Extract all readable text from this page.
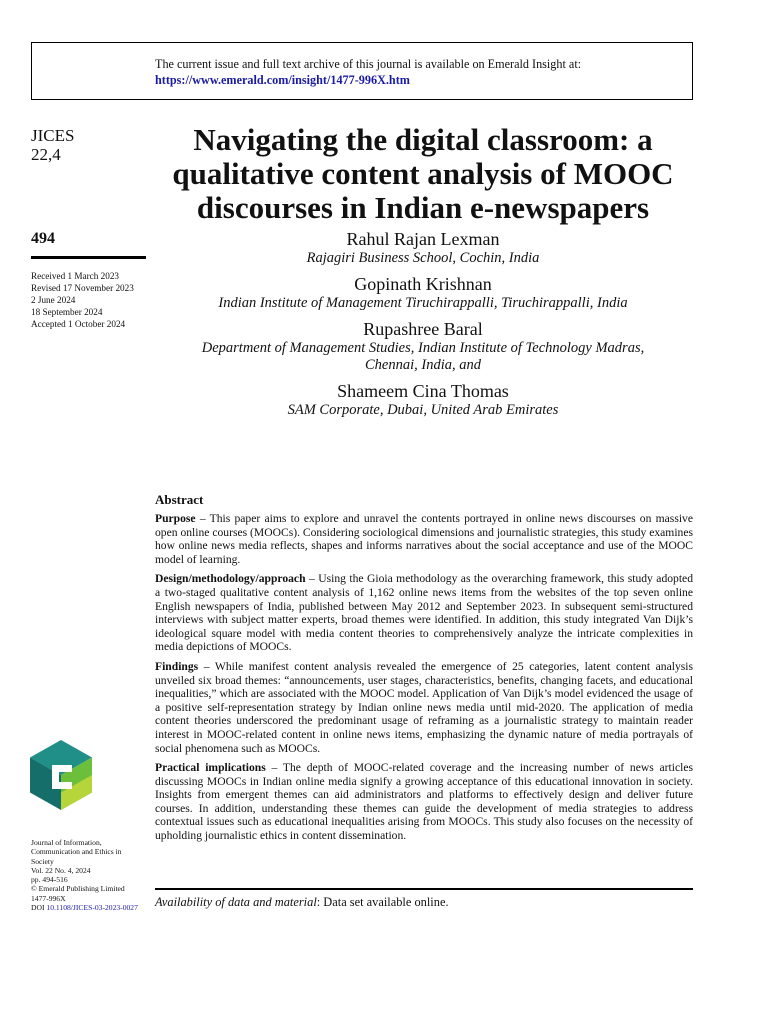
The current issue and full text archive of this journal is available on Emerald Insight at:
https://www.emerald.com/insight/1477-996X.htm
JICES
22,4
494
Received 1 March 2023
Revised 17 November 2023
2 June 2024
18 September 2024
Accepted 1 October 2024
Journal of Information,
Communication and Ethics in
Society
Vol. 22 No. 4, 2024
pp. 494-516
© Emerald Publishing Limited
1477-996X
DOI 10.1108/JICES-03-2023-0027
Navigating the digital classroom: a
qualitative content analysis of MOOC
discourses in Indian e-newspapers
Rahul Rajan Lexman
Rajagiri Business School, Cochin, India
Gopinath Krishnan
Indian Institute of Management Tiruchirappalli, Tiruchirappalli, India
Rupashree Baral
Department of Management Studies, Indian Institute of Technology Madras,
Chennai, India, and
Shameem Cina Thomas
SAM Corporate, Dubai, United Arab Emirates

Abstract

Purpose – This paper aims to explore and unravel the contents portrayed in online news discourses on massive open online courses (MOOCs). Considering sociological dimensions and journalistic strategies, this study examines how online news media reflects, shapes and informs narratives about the social acceptance and use of the MOOC model of learning.

Design/methodology/approach – Using the Gioia methodology as the overarching framework, this study adopted a two-staged qualitative content analysis of 1,162 online news items from the websites of the top seven online English newspapers of India, published between May 2012 and September 2023. In subsequent semi-structured interviews with subject matter experts, broad themes were identified. In addition, this study integrated Van Dijk’s ideological square model with media content theories to comprehensively analyze the intricate complexities in media depictions of MOOCs.

Findings – While manifest content analysis revealed the emergence of 25 categories, latent content analysis unveiled six broad themes: “announcements, user stages, characteristics, benefits, changing facets, and educational inequalities,” which are associated with the MOOC model. Application of Van Dijk’s model evidenced the usage of a positive self-representation strategy by Indian online news media until mid-2020. The application of media content theories underscored the predominant usage of reframing as a journalistic strategy to maintain reader interest in MOOC-related content in online news items, emphasizing the dynamic nature of media portrayals of social phenomena such as MOOCs.

Practical implications – The depth of MOOC-related coverage and the increasing number of news articles discussing MOOCs in Indian online media signify a growing acceptance of this educational innovation in society. Insights from emergent themes can aid administrators and platforms to effectively design and deliver future courses. In addition, understanding these themes can guide the development of media strategies to address contextual issues such as educational inequalities arising from MOOCs. This study also focuses on the necessity of upholding journalistic ethics in content dissemination.

Availability of data and material: Data set available online.
